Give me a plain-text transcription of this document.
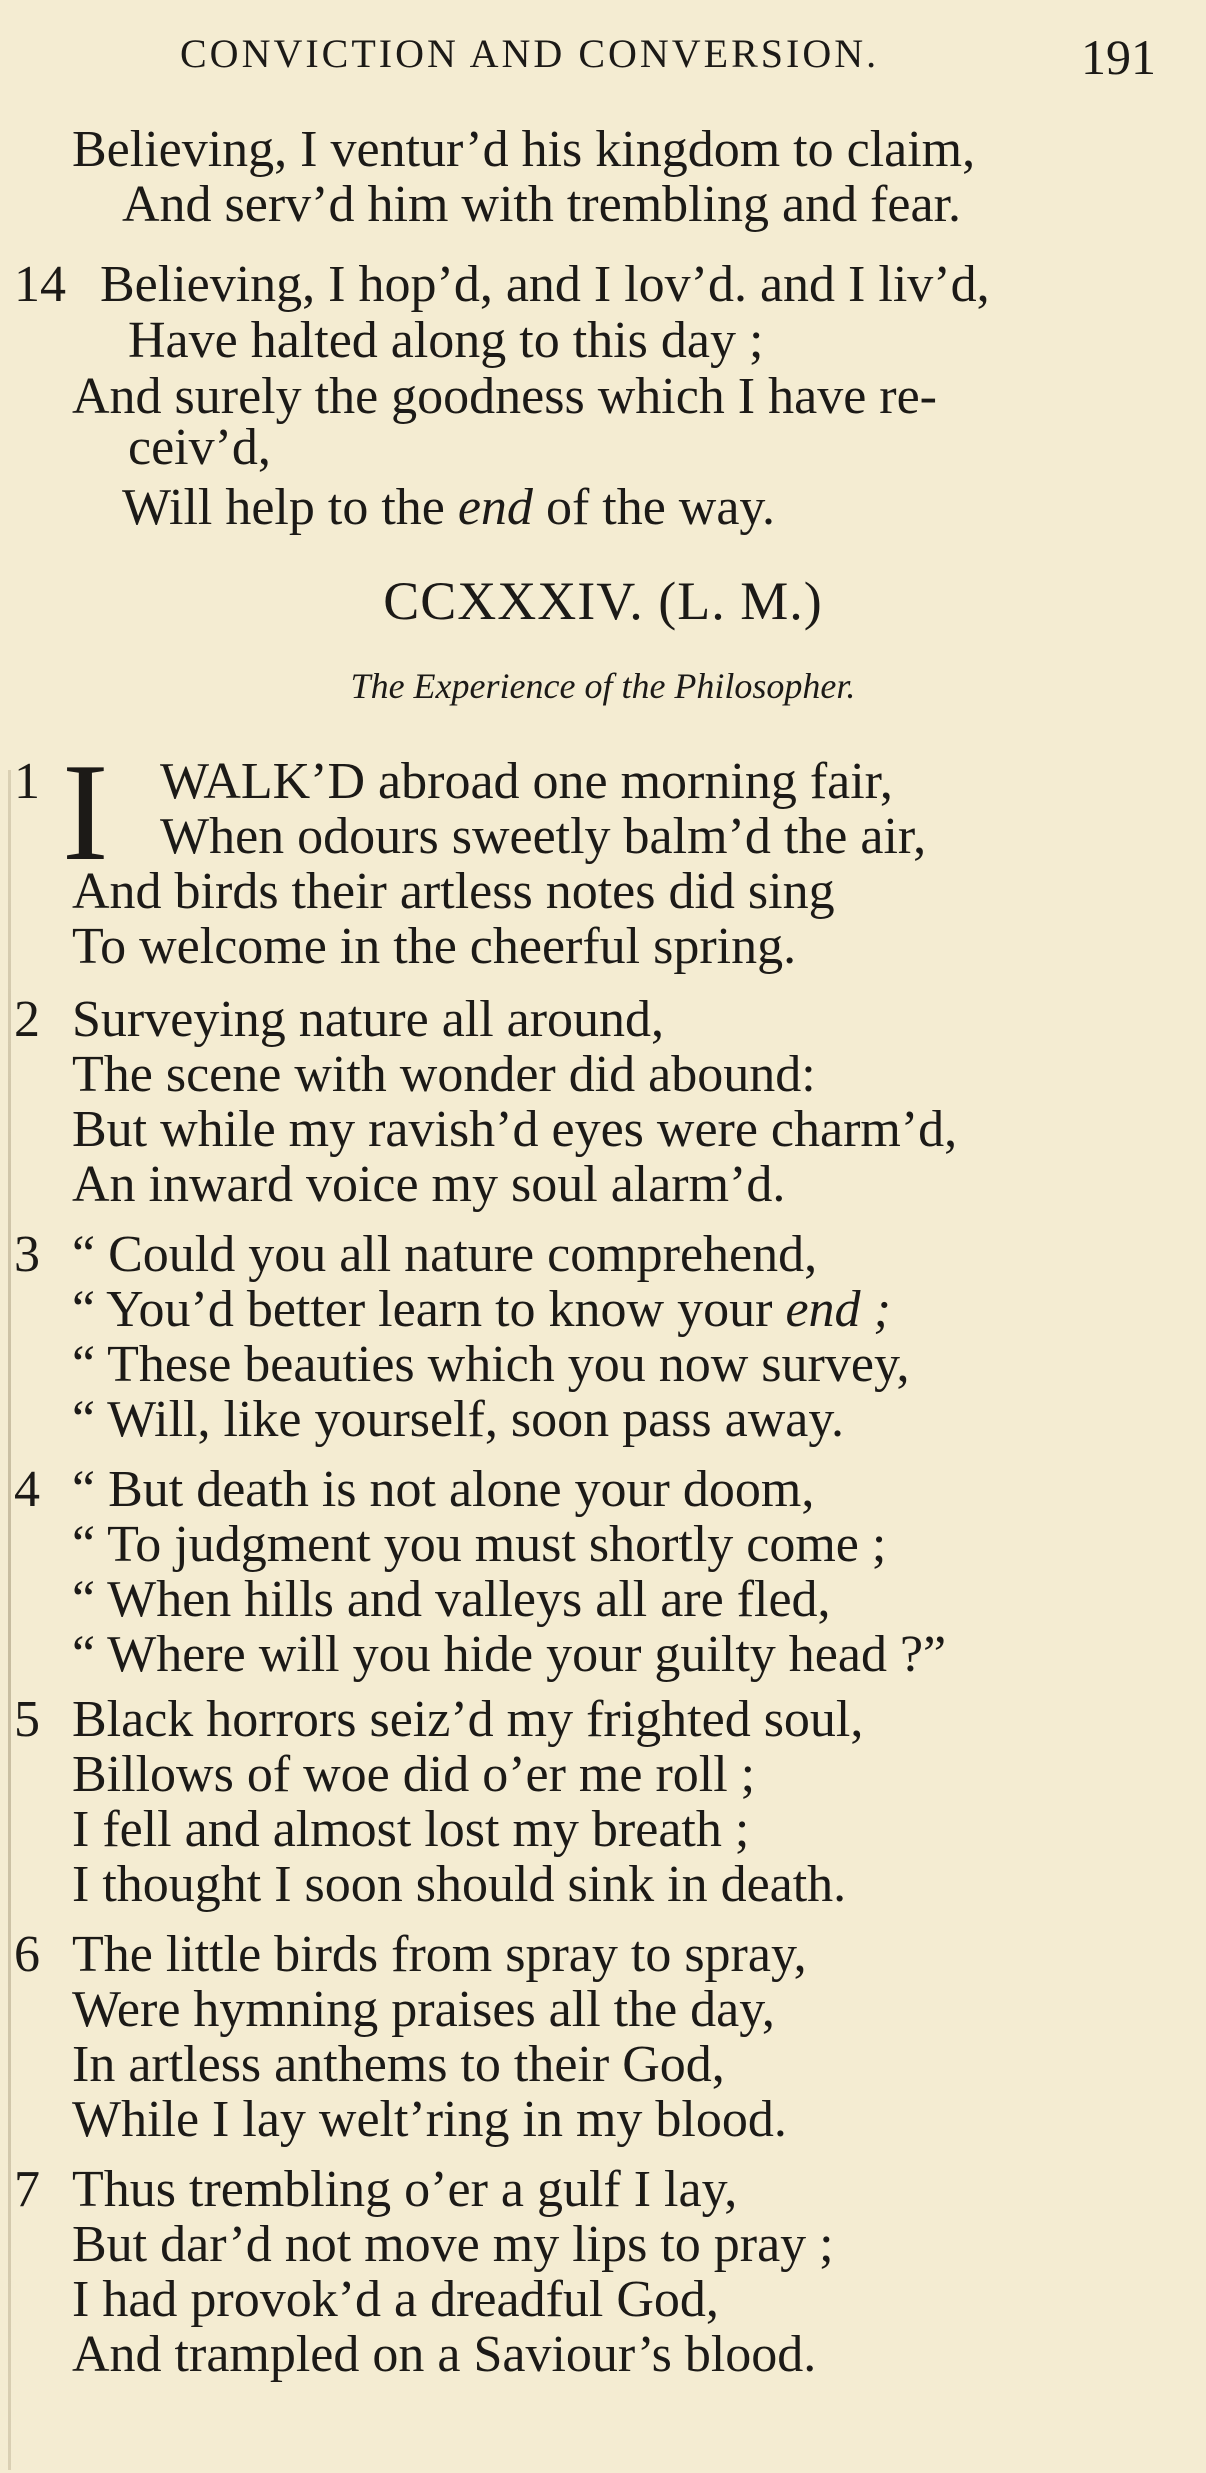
CONVICTION AND CONVERSION.	191
Believing, I ventur’d his kingdom to claim,
And serv’d him with trembling and fear.
14 Believing, I hop’d, and I lov’d. and I liv’d,
Have halted along to this day ;
And surely the goodness which I have re-
ceiv’d,
Will help to the end of the way.
CCXXXIV. (L. M.)
The Experience of the Philosopher.
1 I WALK’D abroad one morning fair,
When odours sweetly balm’d the air,
And birds their artless notes did sing
To welcome in the cheerful spring.
2 Surveying nature all around,
The scene with wonder did abound:
But while my ravish’d eyes were charm’d,
An inward voice my soul alarm’d.
3 “ Could you all nature comprehend,
“ You’d better learn to know your end ;
“ These beauties which you now survey,
“ Will, like yourself, soon pass away.
4 “ But death is not alone your doom,
“ To judgment you must shortly come ;
“ When hills and valleys all are fled,
“ Where will you hide your guilty head ?”
5 Black horrors seiz’d my frighted soul,
Billows of woe did o’er me roll ;
I fell and almost lost my breath ;
I thought I soon should sink in death.
6 The little birds from spray to spray,
Were hymning praises all the day,
In artless anthems to their God,
While I lay welt’ring in my blood.
7 Thus trembling o’er a gulf I lay,
But dar’d not move my lips to pray ;
I had provok’d a dreadful God,
And trampled on a Saviour’s blood.
